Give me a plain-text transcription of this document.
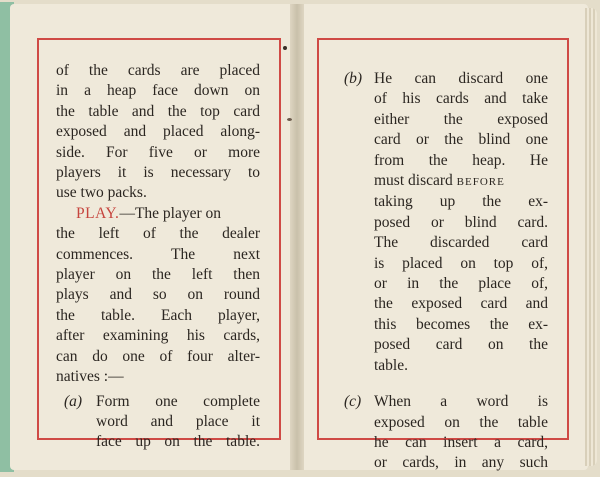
of the cards are placed
in a heap face down on
the table and the top card
exposed and placed along-
side. For five or more
players it is necessary to
use two packs.
PLAY.—The player on
the left of the dealer
commences. The next
player on the left then
plays and so on round
the table. Each player,
after examining his cards,
can do one of four alter-
natives :—
(a) Form one complete
word and place it
face up on the table.
(b) He can discard one
of his cards and take
either the exposed
card or the blind one
from the heap. He
must discard BEFORE
taking up the ex-
posed or blind card.
The discarded card
is placed on top of,
or in the place of,
the exposed card and
this becomes the ex-
posed card on the
table.
(c) When a word is
exposed on the table
he can insert a card,
or cards, in any such
